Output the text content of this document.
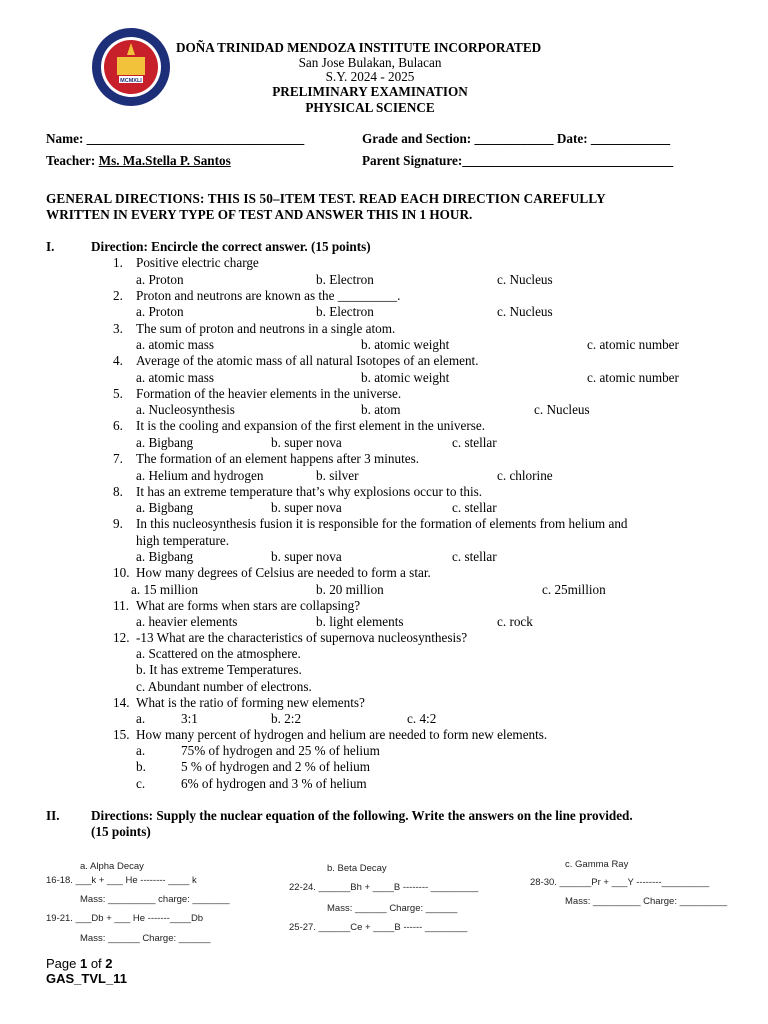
MCMXLI
DOÑA TRINIDAD MENDOZA INSTITUTE INCORPORATED
San Jose Bulakan, Bulacan
S.Y. 2024 - 2025
PRELIMINARY EXAMINATION
PHYSICAL SCIENCE
Name: _________________________________	Grade and Section: ____________ Date: ____________
Teacher: Ms. Ma.Stella P. Santos	Parent Signature:________________________________
GENERAL DIRECTIONS: THIS IS 50–ITEM TEST. READ EACH DIRECTION CAREFULLY
WRITTEN IN EVERY TYPE OF TEST AND ANSWER THIS IN 1 HOUR.
I.	Direction: Encircle the correct answer. (15 points)
1. Positive electric charge
a. Proton	b. Electron	c. Nucleus
2. Proton and neutrons are known as the _________.
a. Proton	b. Electron	c. Nucleus
3. The sum of proton and neutrons in a single atom.
a. atomic mass	b. atomic weight	c. atomic number
4. Average of the atomic mass of all natural Isotopes of an element.
a. atomic mass	b. atomic weight	c. atomic number
5. Formation of the heavier elements in the universe.
a. Nucleosynthesis	b. atom	c. Nucleus
6. It is the cooling and expansion of the first element in the universe.
a. Bigbang	b. super nova	c. stellar
7. The formation of an element happens after 3 minutes.
a. Helium and hydrogen	b. silver	c. chlorine
8. It has an extreme temperature that’s why explosions occur to this.
a. Bigbang	b. super nova	c. stellar
9. In this nucleosynthesis fusion it is responsible for the formation of elements from helium and
high temperature.
a. Bigbang	b. super nova	c. stellar
10. How many degrees of Celsius are needed to form a star.
a. 15 million	b. 20 million	c. 25million
11. What are forms when stars are collapsing?
a. heavier elements	b. light elements	c. rock
12. -13 What are the characteristics of supernova nucleosynthesis?
a. Scattered on the atmosphere.
b. It has extreme Temperatures.
c. Abundant number of electrons.
14. What is the ratio of forming new elements?
a.	3:1	b. 2:2	c. 4:2
15. How many percent of hydrogen and helium are needed to form new elements.
a.	75% of hydrogen and 25 % of helium
b.	5 % of hydrogen and 2 % of helium
c.	6% of hydrogen and 3 % of helium
II. Directions: Supply the nuclear equation of the following. Write the answers on the line provided.
(15 points)
a. Alpha Decay
16-18. ___k + ___ He -------- ____ k
Mass: _________ charge: _______
19-21. ___Db + ___ He -------____Db
Mass: ______ Charge: ______
b. Beta Decay
22-24. ______Bh + ____B -------- _________
Mass: ______ Charge: ______
25-27. ______Ce + ____B ------ ________
c. Gamma Ray
28-30. ______Pr + ___Y --------_________
Mass: _________ Charge: _________
Page 1 of 2
GAS_TVL_11
